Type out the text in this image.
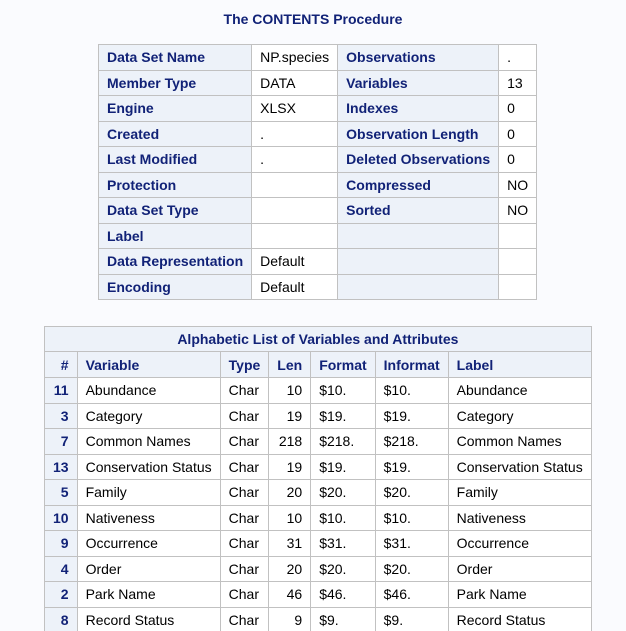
The CONTENTS Procedure
Data Set Name	NP.species	Observations	.
Member Type	DATA	Variables	13
Engine	XLSX	Indexes	0
Created	.	Observation Length	0
Last Modified	.	Deleted Observations	0
Protection		Compressed	NO
Data Set Type		Sorted	NO
Label			
Data Representation	Default		
Encoding	Default		
Alphabetic List of Variables and Attributes						
#	Variable	Type	Len	Format	Informat	Label
11	Abundance	Char	10	$10.	$10.	Abundance
3	Category	Char	19	$19.	$19.	Category
7	Common Names	Char	218	$218.	$218.	Common Names
13	Conservation Status	Char	19	$19.	$19.	Conservation Status
5	Family	Char	20	$20.	$20.	Family
10	Nativeness	Char	10	$10.	$10.	Nativeness
9	Occurrence	Char	31	$31.	$31.	Occurrence
4	Order	Char	20	$20.	$20.	Order
2	Park Name	Char	46	$46.	$46.	Park Name
8	Record Status	Char	9	$9.	$9.	Record Status
